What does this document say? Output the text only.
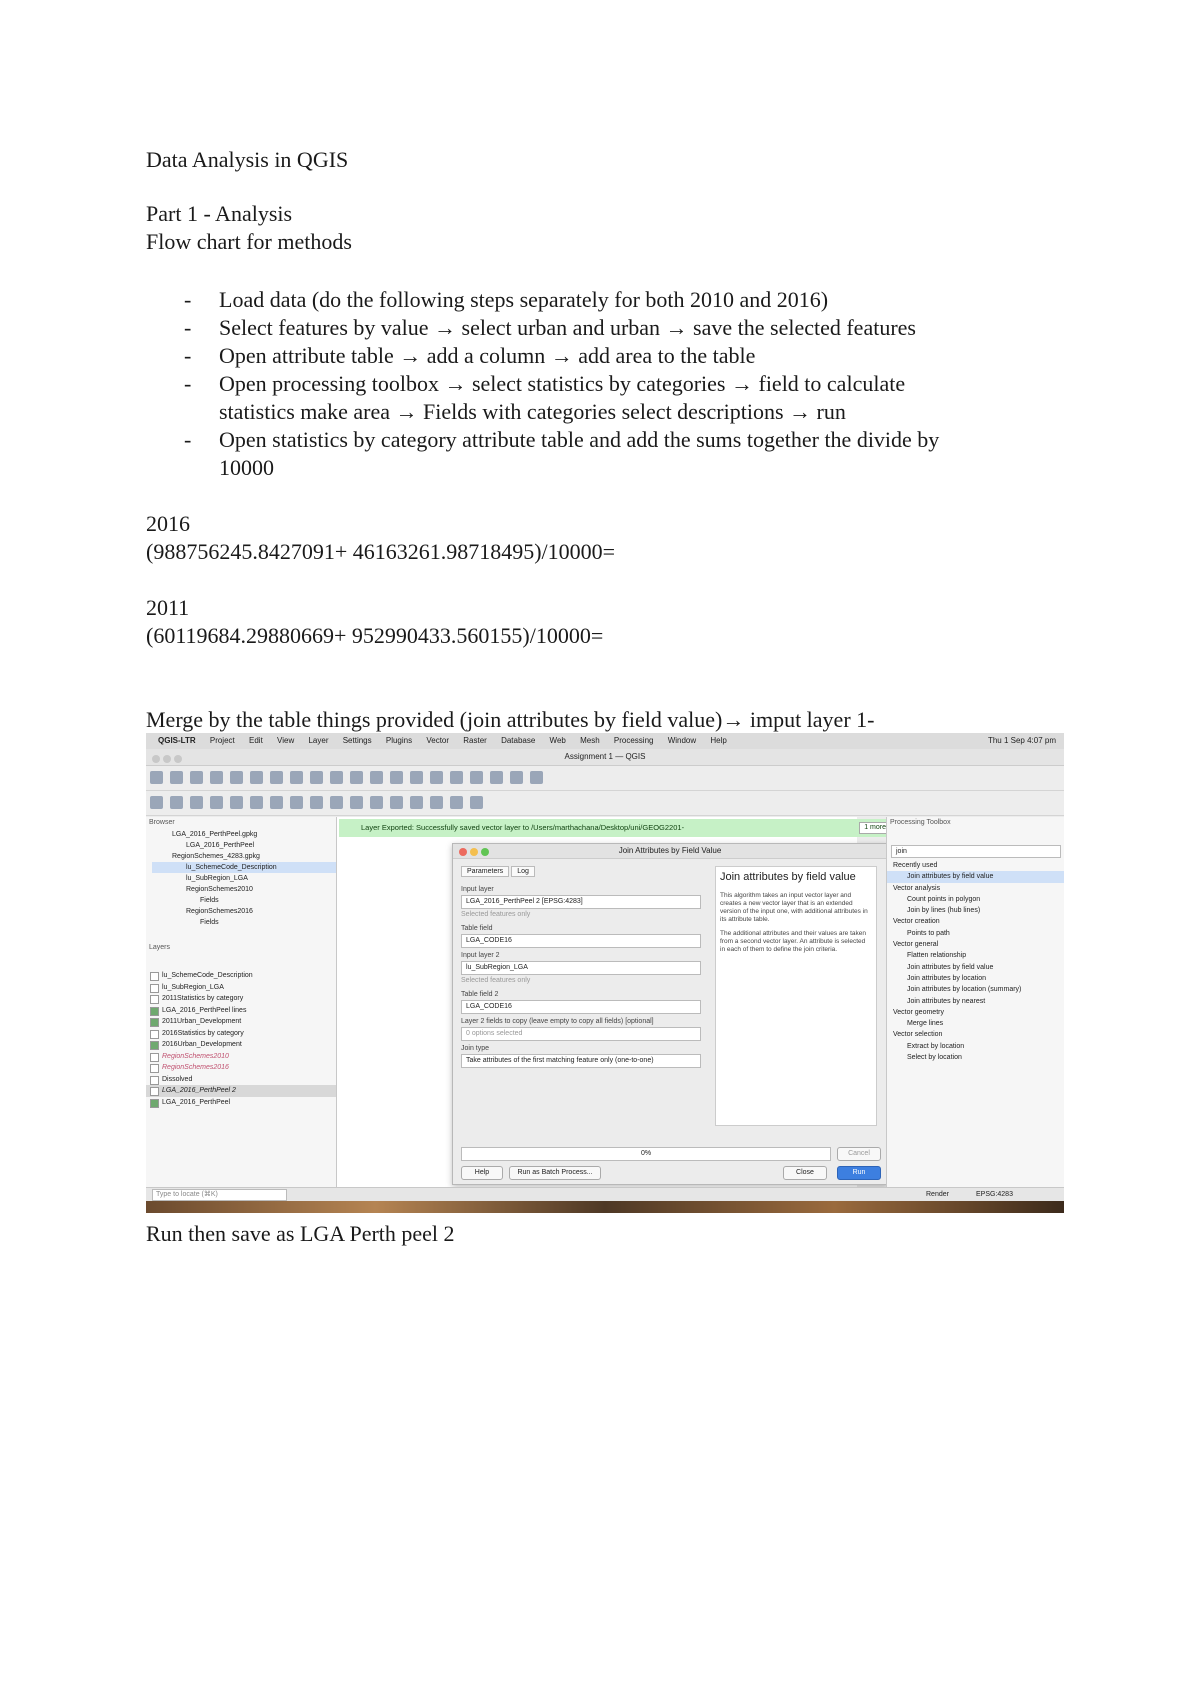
Data Analysis in QGIS
Part 1 - Analysis
Flow chart for methods
- Load data (do the following steps separately for both 2010 and 2016)
- Select features by value → select urban and urban → save the selected features
- Open attribute table → add a column → add area to the table
- Open processing toolbox → select statistics by categories → field to calculate
statistics make area → Fields with categories select descriptions → run
- Open statistics by category attribute table and add the sums together the divide by
10000
2016
(988756245.8427091+ 46163261.98718495)/10000=
2011
(60119684.29880669+ 952990433.560155)/10000=
Merge by the table things provided (join attributes by field value)→ imput layer 1-
QGIS-LTR Project Edit View Layer Settings Plugins Vector Raster Database Web Mesh Processing Window Help	Thu 1 Sep 4:07 pm
Assignment 1 — QGIS
Browser
LGA_2016_PerthPeel.gpkg
LGA_2016_PerthPeel
RegionSchemes_4283.gpkg
lu_SchemeCode_Description
lu_SubRegion_LGA
RegionSchemes2010
Fields
RegionSchemes2016
Fields
Layers
lu_SchemeCode_Description
lu_SubRegion_LGA
2011Statistics by category
LGA_2016_PerthPeel lines
2011Urban_Development
2016Statistics by category
2016Urban_Development
RegionSchemes2010
RegionSchemes2016
Dissolved
LGA_2016_PerthPeel 2
LGA_2016_PerthPeel
Layer Exported: Successfully saved vector layer to /Users/marthachana/Desktop/uni/GEOG2201-	1 more
Join Attributes by Field Value
Parameters Log
Input layer
LGA_2016_PerthPeel 2 [EPSG:4283]
Selected features only
Table field
LGA_CODE16
Input layer 2
lu_SubRegion_LGA
Selected features only
Table field 2
LGA_CODE16
Layer 2 fields to copy (leave empty to copy all fields) [optional]
0 options selected
Join type
Take attributes of the first matching feature only (one-to-one)
Join attributes by field value

This algorithm takes an input vector layer and creates a new vector layer that is an extended version of the input one, with additional attributes in its attribute table.

The additional attributes and their values are taken from a second vector layer. An attribute is selected in each of them to define the join criteria.

0%	Cancel
Help	Run as Batch Process...	Close	Run
Processing Toolbox
join
Recently used
Join attributes by field value
Vector analysis
Count points in polygon
Join by lines (hub lines)
Vector creation
Points to path
Vector general
Flatten relationship
Join attributes by field value
Join attributes by location
Join attributes by location (summary)
Join attributes by nearest
Vector geometry
Merge lines
Vector selection
Extract by location
Select by location
Type to locate (⌘K)	Render	EPSG:4283
Run then save as LGA Perth peel 2
